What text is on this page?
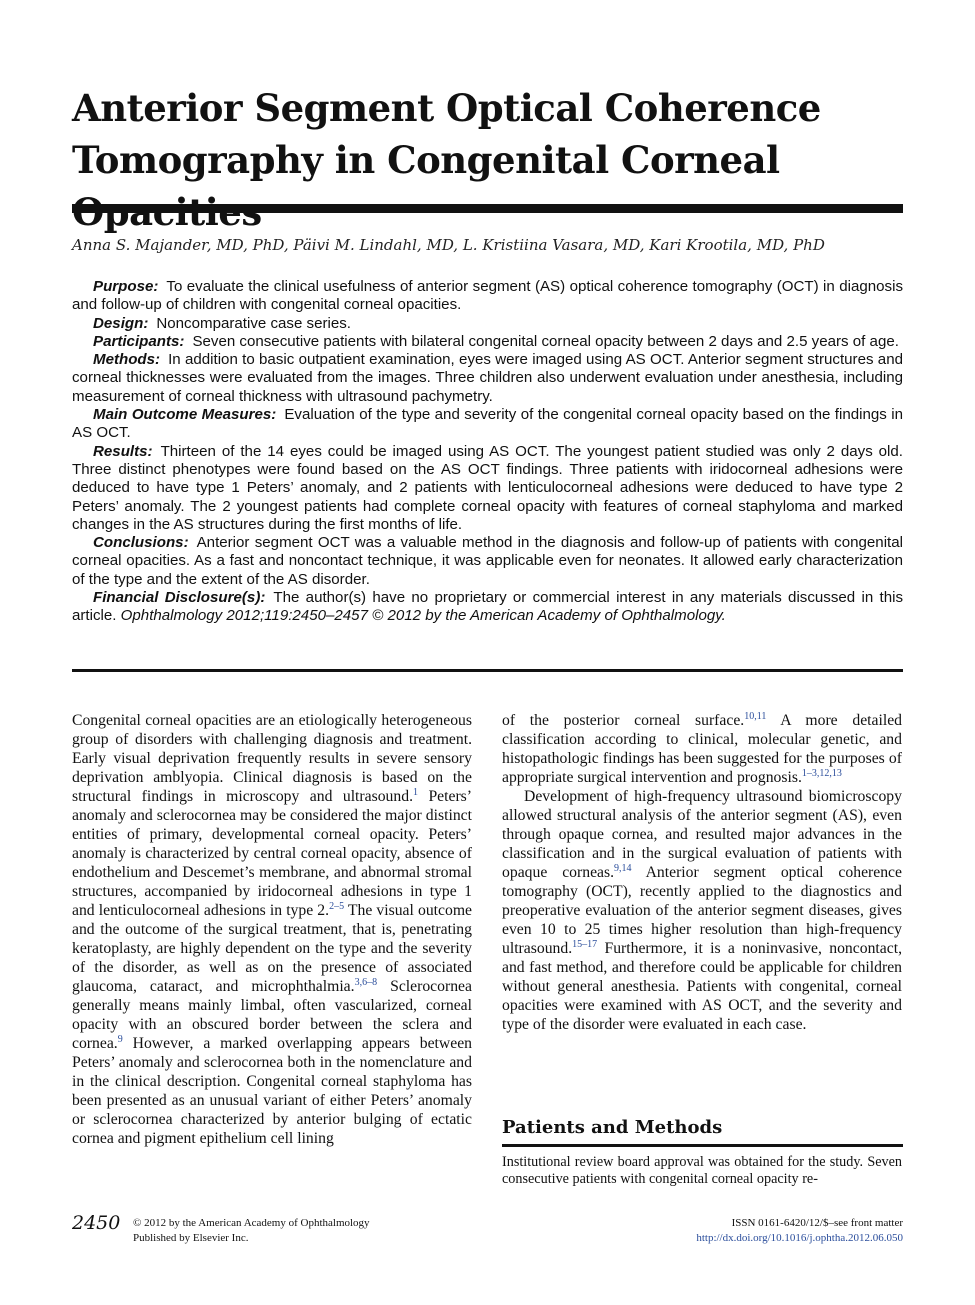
Anterior Segment Optical Coherence Tomography in Congenital Corneal
Anna S. Majander, MD, PhD, Päivi M. Lindahl, MD, L. Kristiina Vasara, MD, Kari Krootila, MD, PhD

Purpose: To evaluate the clinical usefulness of anterior segment (AS) optical coherence tomography (OCT) in diagnosis and follow-up of children with congenital corneal opacities.

Design: Noncomparative case series.

Participants: Seven consecutive patients with bilateral congenital corneal opacity between 2 days and 2.5 years of age.

Methods: In addition to basic outpatient examination, eyes were imaged using AS OCT. Anterior segment structures and corneal thicknesses were evaluated from the images. Three children also underwent evaluation under anesthesia, including measurement of corneal thickness with ultrasound pachymetry.

Main Outcome Measures: Evaluation of the type and severity of the congenital corneal opacity based on the findings in AS OCT.

Results: Thirteen of the 14 eyes could be imaged using AS OCT. The youngest patient studied was only 2 days old. Three distinct phenotypes were found based on the AS OCT findings. Three patients with iridocorneal adhesions were deduced to have type 1 Peters’ anomaly, and 2 patients with lenticulocorneal adhesions were deduced to have type 2 Peters’ anomaly. The 2 youngest patients had complete corneal opacity with features of corneal staphyloma and marked changes in the AS structures during the first months of life.

Conclusions: Anterior segment OCT was a valuable method in the diagnosis and follow-up of patients with congenital corneal opacities. As a fast and noncontact technique, it was applicable even for neonates. It allowed early characterization of the type and the extent of the AS disorder.

Financial Disclosure(s): The author(s) have no proprietary or commercial interest in any materials discussed in this article. Ophthalmology 2012;119:2450–2457 © 2012 by the American Academy of Ophthalmology.

Congenital corneal opacities are an etiologically heterogeneous group of disorders with challenging diagnosis and treatment. Early visual deprivation frequently results in severe sensory deprivation amblyopia. Clinical diagnosis is based on the structural findings in microscopy and ultrasound.$^1$ Peters’ anomaly and sclerocornea may be considered the major distinct entities of primary, developmental corneal opacity. Peters’ anomaly is characterized by central corneal opacity, absence of endothelium and Descemet’s membrane, and abnormal stromal structures, accompanied by iridocorneal adhesions in type 1 and lenticulocorneal adhesions in type 2.$^{2-5}$ The visual outcome and the outcome of the surgical treatment, that is, penetrating keratoplasty, are highly dependent on the type and the severity of the disorder, as well as on the presence of associated glaucoma, cataract, and microphthalmia.$^{3,6-8}$ Sclerocornea generally means mainly limbal, often vascularized, corneal opacity with an obscured border between the sclera and cornea.$^9$ However, a marked overlapping appears between Peters’ anomaly and sclerocornea both in the nomenclature and in the clinical description. Congenital corneal staphyloma has been presented as an unusual variant of either Peters’ anomaly or sclerocornea characterized by anterior bulging of ectatic cornea and pigment epithelium cell lining

of the posterior corneal surface.$^{10,11}$ A more detailed classification according to clinical, molecular genetic, and histopathologic findings has been suggested for the purposes of appropriate surgical intervention and prognosis.$^{1-3,12,13}$

Development of high-frequency ultrasound biomicroscopy allowed structural analysis of the anterior segment (AS), even through opaque cornea, and resulted major advances in the classification and in the surgical evaluation of patients with opaque corneas.$^{9,14}$ Anterior segment optical coherence tomography (OCT), recently applied to the diagnostics and preoperative evaluation of the anterior segment diseases, gives even 10 to 25 times higher resolution than high-frequency ultrasound.$^{15-17}$ Furthermore, it is a noninvasive, noncontact, and fast method, and therefore could be applicable for children without general anesthesia. Patients with congenital, corneal opacities were examined with AS OCT, and the severity and type of the disorder were evaluated in each case.

Patients and Methods

Institutional review board approval was obtained for the study. Seven consecutive patients with congenital corneal opacity re-

2450 © 2012 by the American Academy of Ophthalmology
Published by Elsevier Inc.
ISSN 0161-6420/12/$–see front matter
http://dx.doi.org/10.1016/j.ophtha.2012.06.050
